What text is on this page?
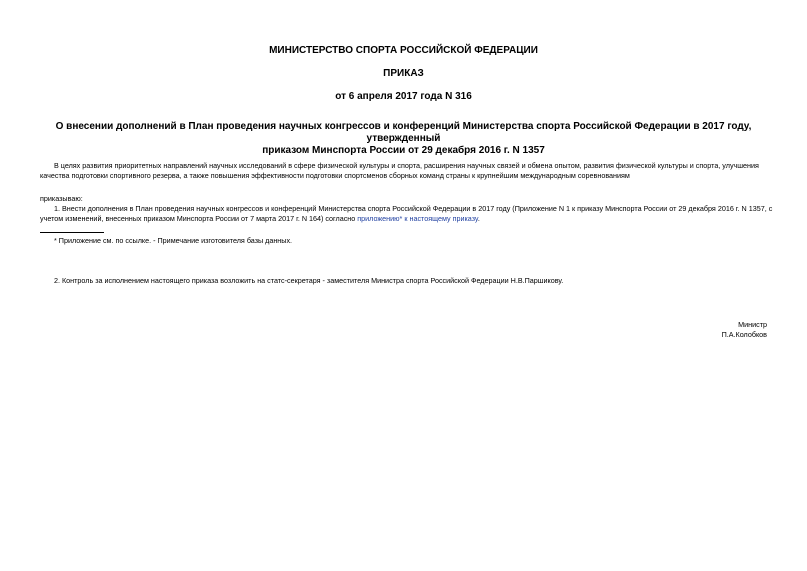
МИНИСТЕРСТВО СПОРТА РОССИЙСКОЙ ФЕДЕРАЦИИ
ПРИКАЗ
от 6 апреля 2017 года N 316
О внесении дополнений в План проведения научных конгрессов и конференций Министерства спорта Российской Федерации в 2017 году, утвержденный
приказом Минспорта России от 29 декабря 2016 г. N 1357
В целях развития приоритетных направлений научных исследований в сфере физической культуры и спорта, расширения научных связей и обмена опытом, развития физической культуры и спорта, улучшения
качества подготовки спортивного резерва, а также повышения эффективности подготовки спортсменов сборных команд страны к крупнейшим международным соревнованиям
приказываю:
1. Внести дополнения в План проведения научных конгрессов и конференций Министерства спорта Российской Федерации в 2017 году (Приложение N 1 к приказу Минспорта России от 29 декабря 2016 г. N 1357, с
учетом изменений, внесенных приказом Минспорта России от 7 марта 2017 г. N 164) согласно приложению* к настоящему приказу.
* Приложение см. по ссылке. - Примечание изготовителя базы данных.
2. Контроль за исполнением настоящего приказа возложить на статс-секретаря - заместителя Министра спорта Российской Федерации Н.В.Паршикову.
Министр
П.А.Колобков
